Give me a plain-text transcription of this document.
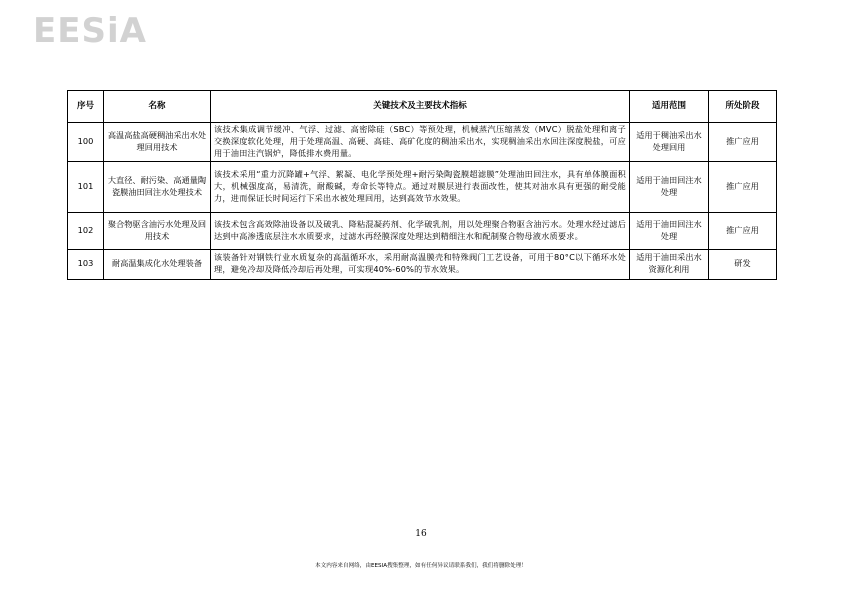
EESiA
序号	名称	关键技术及主要技术指标	适用范围	所处阶段
100	高温高盐高硬稠油采出水处理回用技术	该技术集成调节缓冲、气浮、过滤、高密除硅（SBC）等预处理，机械蒸汽压缩蒸发（MVC）脱盐处理和离子交换深度软化处理，用于处理高温、高硬、高硅、高矿化度的稠油采出水，实现稠油采出水回注深度脱盐，可应用于油田注汽锅炉，降低排水费用量。	适用于稠油采出水处理回用	推广应用
101	大直径、耐污染、高通量陶瓷膜油田回注水处理技术	该技术采用“重力沉降罐+气浮、絮凝、电化学预处理+耐污染陶瓷膜超滤膜”处理油田回注水，具有单体膜面积大，机械强度高，易清洗，耐酸碱，寿命长等特点。通过对膜层进行表面改性，使其对油水具有更强的耐受能力，进而保证长时间运行下采出水被处理回用，达到高效节水效果。	适用于油田回注水处理	推广应用
102	聚合物驱含油污水处理及回用技术	该技术包含高效除油设备以及破乳、降粘混凝药剂、化学破乳剂，用以处理聚合物驱含油污水。处理水经过滤后达到中高渗透底层注水水质要求，过滤水再经膜深度处理达到精细注水和配制聚合物母液水质要求。	适用于油田回注水处理	推广应用
103	耐高温集成化水处理装备	该装备针对钢铁行业水质复杂的高温循环水，采用耐高温膜壳和特殊阀门工艺设备，可用于80°C以下循环水处理，避免冷却及降低冷却后再处理，可实现40%-60%的节水效果。	适用于油田采出水资源化利用	研发
16
本文内容来自网络，由EESIA搜集整理，如有任何异议请联系我们，我们将删除处理！
